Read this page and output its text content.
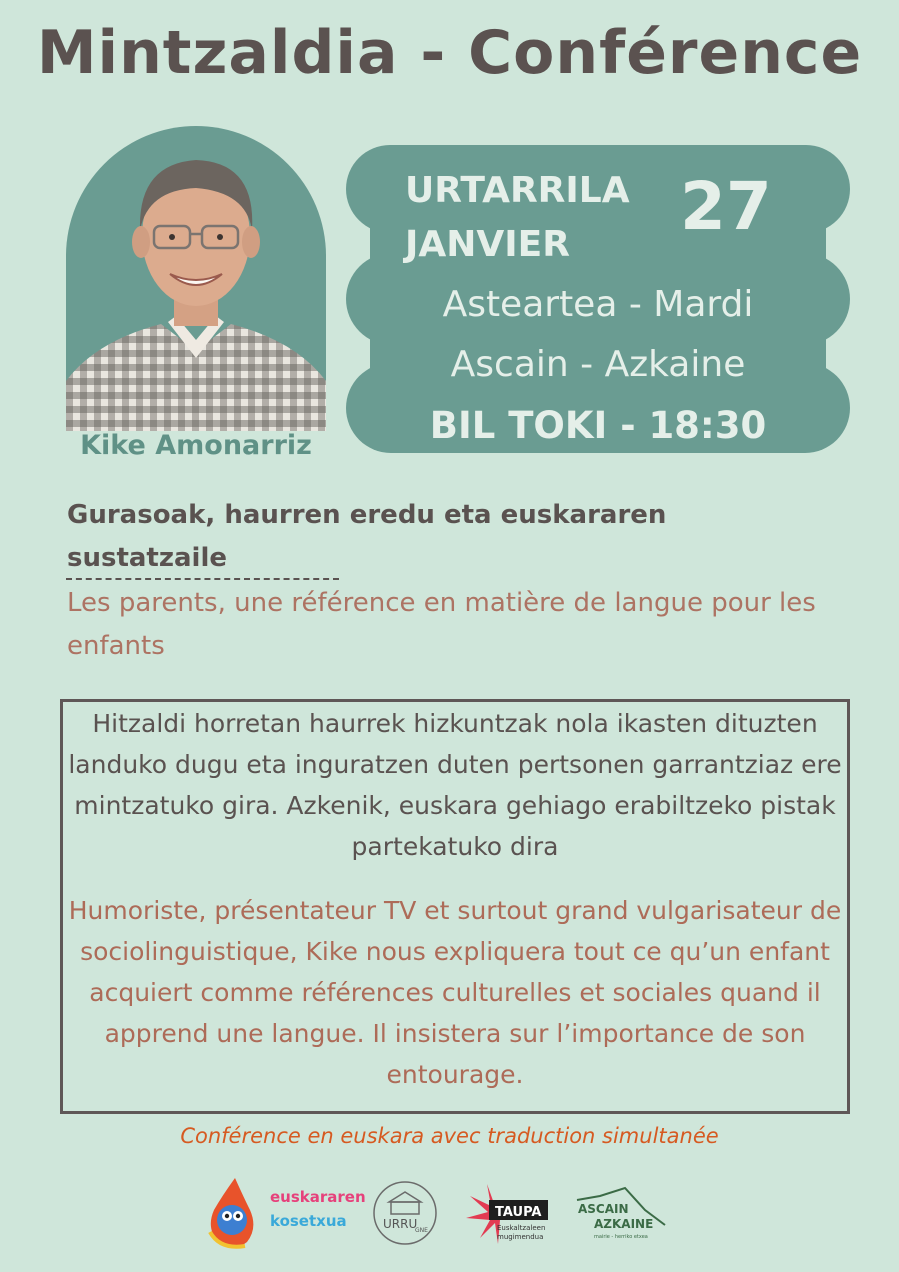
Mintzaldia - Conférence
Kike Amonarriz
URTARRILA
JANVIER	27
Asteartea - Mardi
Ascain - Azkaine
BIL TOKI - 18:30
Gurasoak, haurren eredu eta euskararen sustatzaile
Les parents, une référence en matière de langue pour les enfants
Hitzaldi horretan haurrek hizkuntzak nola ikasten dituzten landuko dugu eta inguratzen duten pertsonen garrantziaz ere mintzatuko gira. Azkenik, euskara gehiago erabiltzeko pistak partekatuko dira
Humoriste, présentateur TV et surtout grand vulgarisateur de sociolinguistique, Kike nous expliquera tout ce qu’un enfant acquiert comme références culturelles et sociales quand il apprend une langue. Il insistera sur l’importance de son entourage.
Conférence en euskara avec traduction simultanée
euskararen
kosetxua	URRU
GNE
TAUPA
Euskaltzaleen
mugimendua
ASCAIN
AZKAINE
mairie - herriko etxea
